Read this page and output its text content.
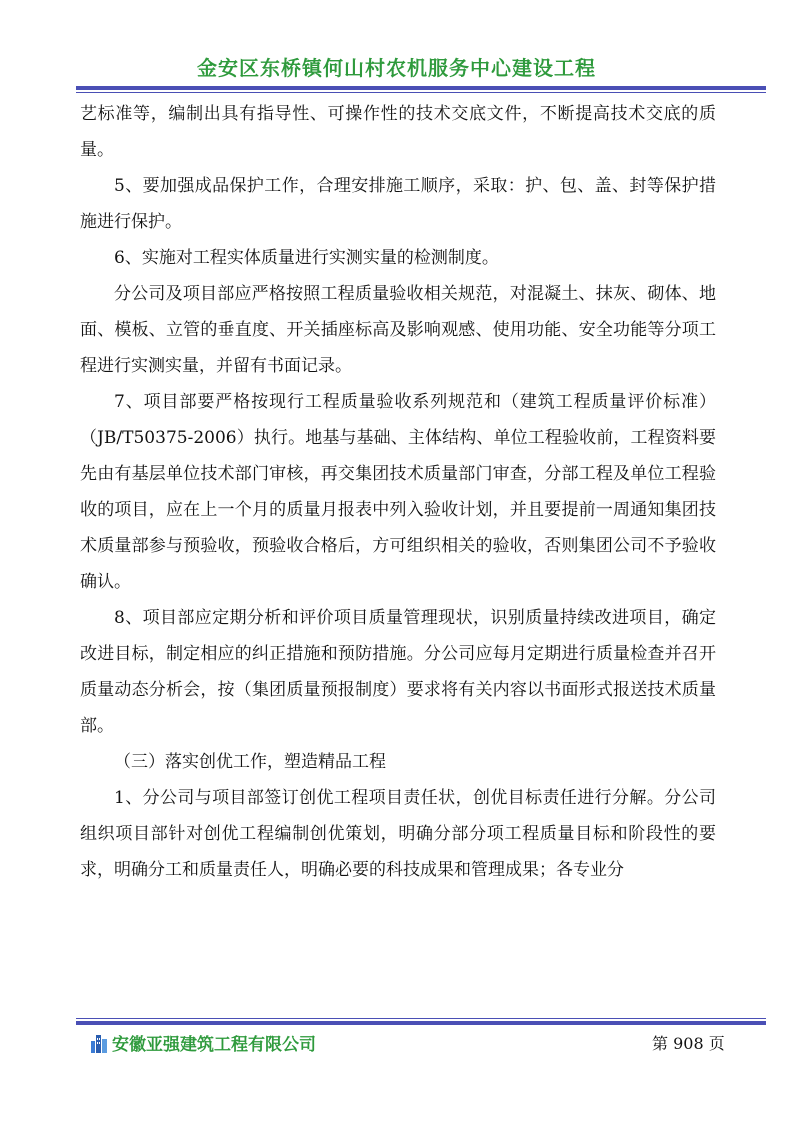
金安区东桥镇何山村农机服务中心建设工程

艺标准等，编制出具有指导性、可操作性的技术交底文件，不断提高技术交底的质量。

5、要加强成品保护工作，合理安排施工顺序，采取：护、包、盖、封等保护措施进行保护。

6、实施对工程实体质量进行实测实量的检测制度。

分公司及项目部应严格按照工程质量验收相关规范，对混凝土、抹灰、砌体、地面、模板、立管的垂直度、开关插座标高及影响观感、使用功能、安全功能等分项工程进行实测实量，并留有书面记录。

7、项目部要严格按现行工程质量验收系列规范和（建筑工程质量评价标准）（JB/T50375-2006）执行。地基与基础、主体结构、单位工程验收前，工程资料要先由有基层单位技术部门审核，再交集团技术质量部门审查，分部工程及单位工程验收的项目，应在上一个月的质量月报表中列入验收计划，并且要提前一周通知集团技术质量部参与预验收，预验收合格后，方可组织相关的验收，否则集团公司不予验收确认。

8、项目部应定期分析和评价项目质量管理现状，识别质量持续改进项目，确定改进目标，制定相应的纠正措施和预防措施。分公司应每月定期进行质量检查并召开质量动态分析会，按（集团质量预报制度）要求将有关内容以书面形式报送技术质量部。

（三）落实创优工作，塑造精品工程

1、分公司与项目部签订创优工程项目责任状，创优目标责任进行分解。分公司组织项目部针对创优工程编制创优策划，明确分部分项工程质量目标和阶段性的要求，明确分工和质量责任人，明确必要的科技成果和管理成果；各专业分

安徽亚强建筑工程有限公司	第 908 页
